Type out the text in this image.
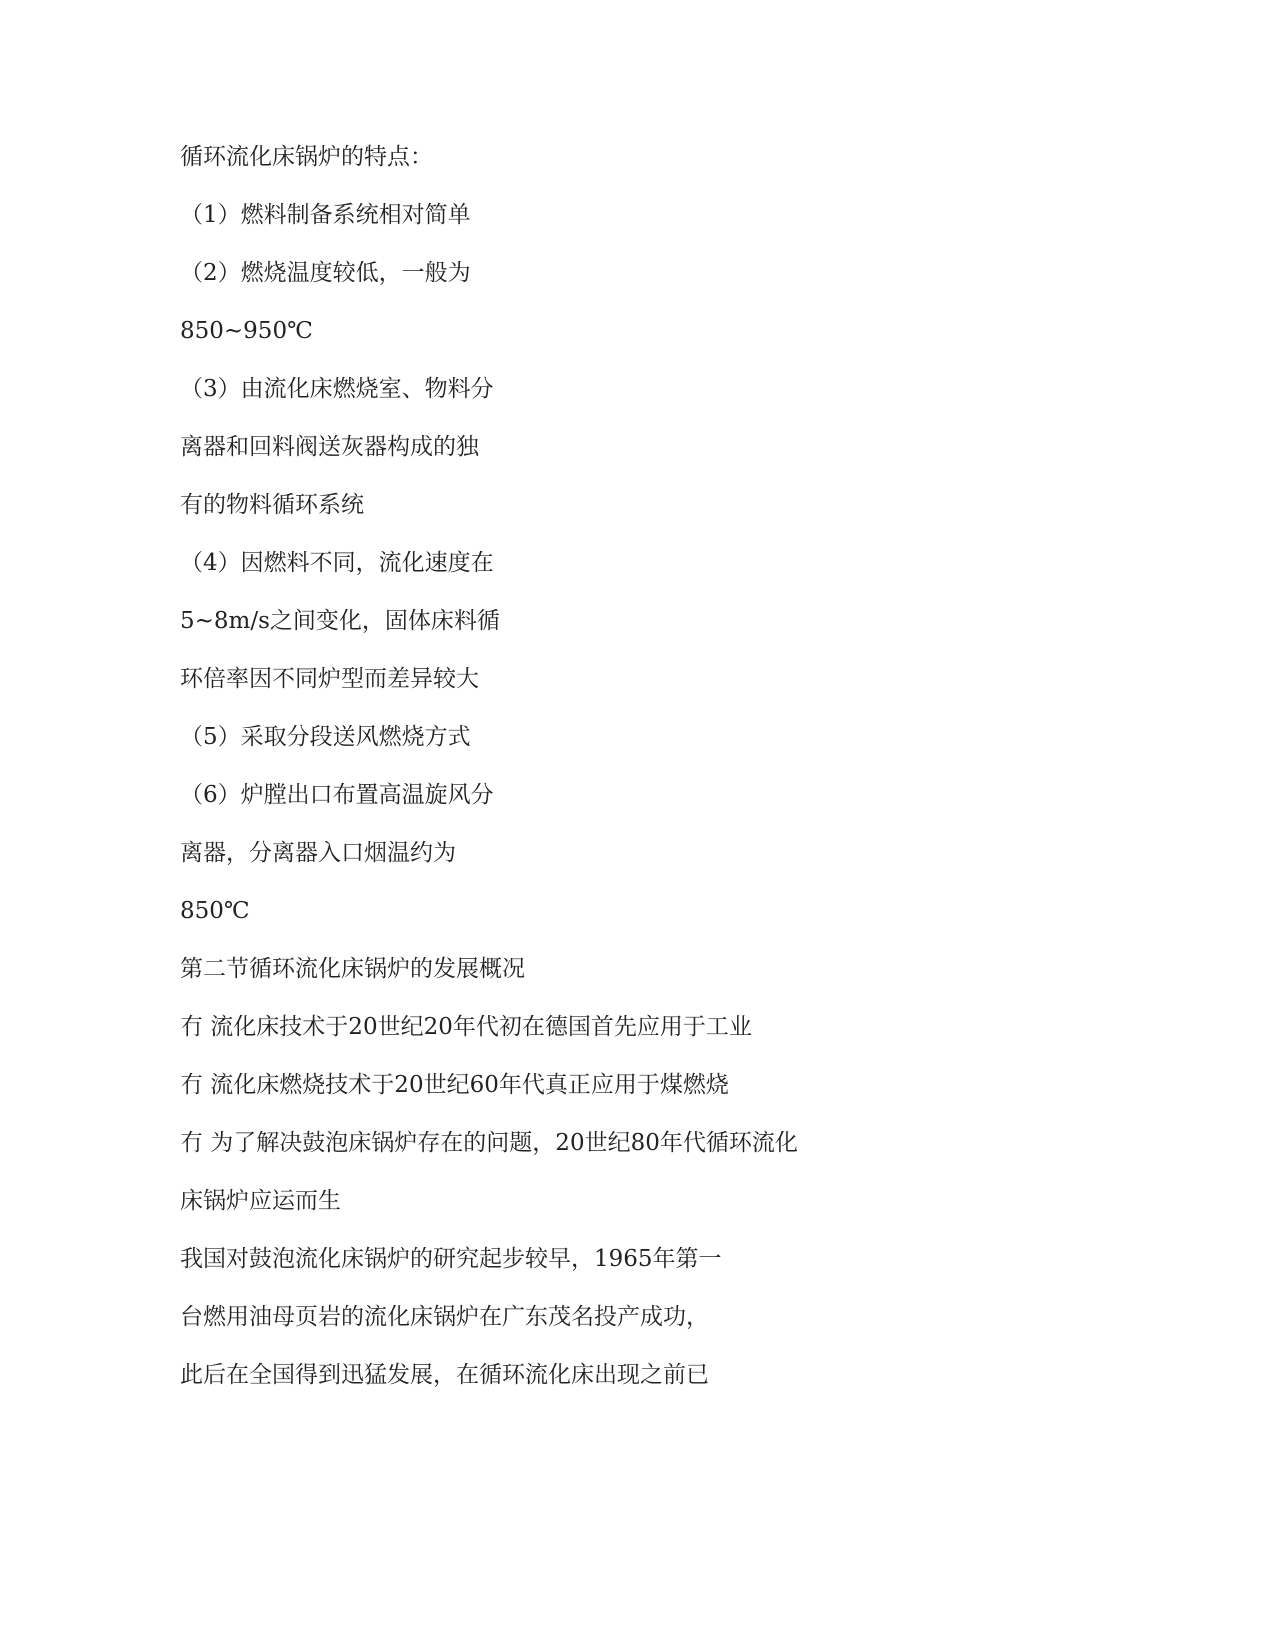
循环流化床锅炉的特点：
（1）燃料制备系统相对简单
（2）燃烧温度较低，一般为
850~950℃
（3）由流化床燃烧室、物料分
离器和回料阀送灰器构成的独
有的物料循环系统
（4）因燃料不同，流化速度在
5~8m/s之间变化，固体床料循
环倍率因不同炉型而差异较大
（5）采取分段送风燃烧方式
（6）炉膛出口布置高温旋风分
离器，分离器入口烟温约为
850℃
第二节循环流化床锅炉的发展概况
冇 流化床技术于20世纪20年代初在德国首先应用于工业
冇 流化床燃烧技术于20世纪60年代真正应用于煤燃烧
冇 为了解决鼓泡床锅炉存在的问题，20世纪80年代循环流化
床锅炉应运而生
我国对鼓泡流化床锅炉的研究起步较早，1965年第一
台燃用油母页岩的流化床锅炉在广东茂名投产成功，
此后在全国得到迅猛发展，在循环流化床出现之前已
